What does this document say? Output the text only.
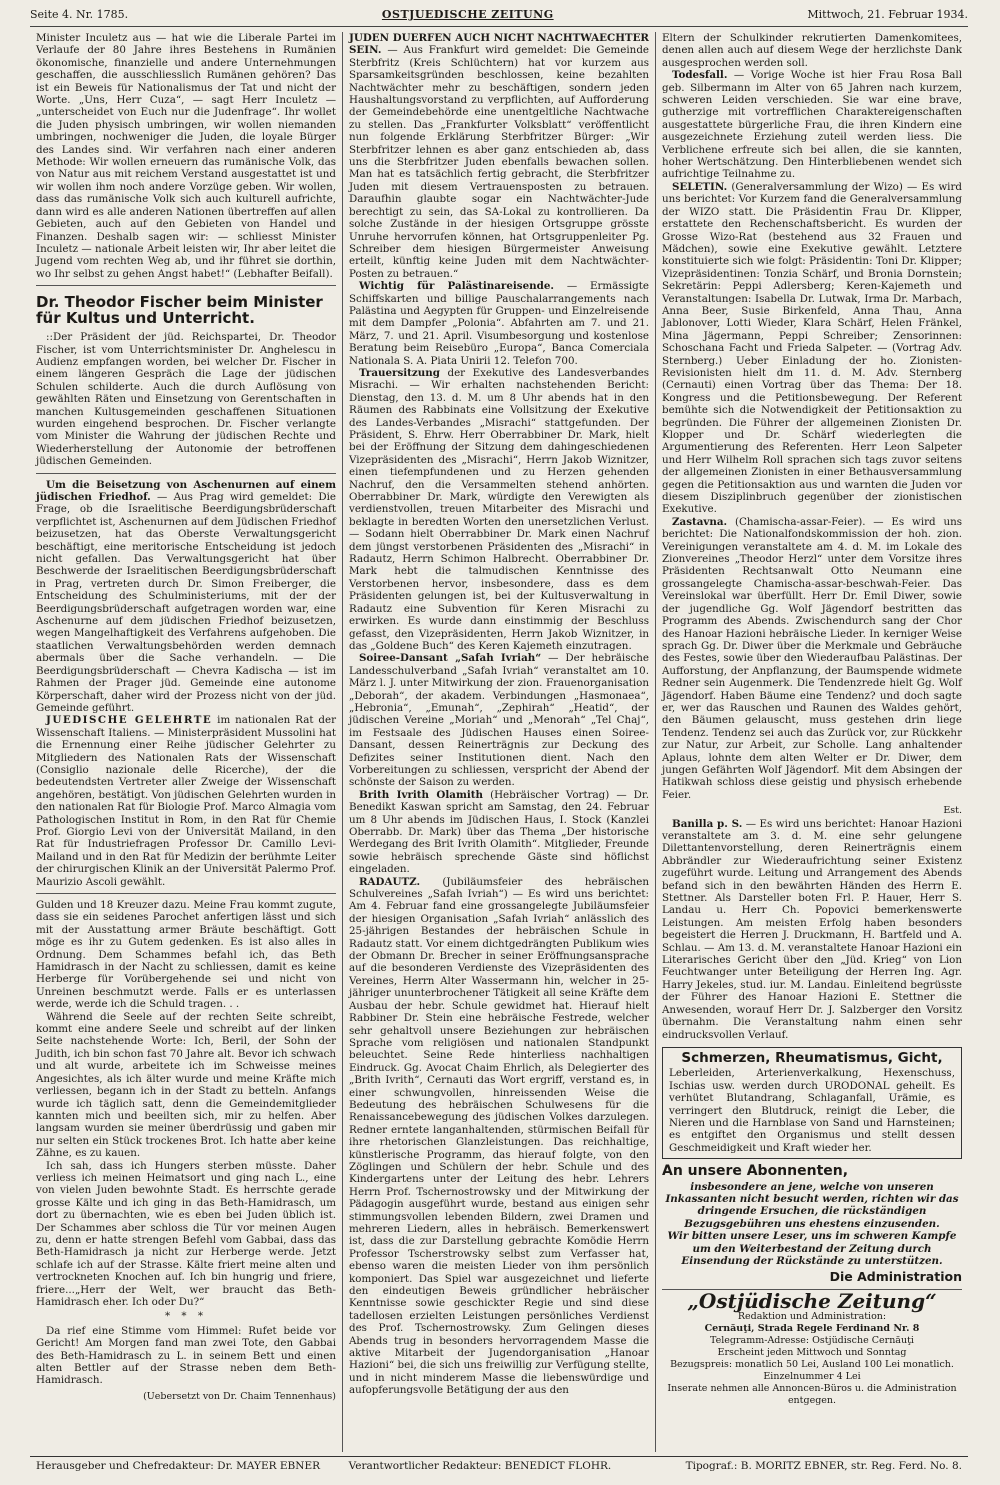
Seite 4. Nr. 1785.	OSTJUEDISCHE ZEITUNG	Mittwoch, 21. Februar 1934.

Minister Inculetz aus — hat wie die Liberale Partei im Verlaufe der 80 Jahre ihres Bestehens in Rumänien ökonomische, finanzielle und andere Unternehmungen geschaffen, die ausschliesslich Rumänen gehören? Das ist ein Beweis für Nationalismus der Tat und nicht der Worte. „Uns, Herr Cuza“, — sagt Herr Inculetz — „unterscheidet von Euch nur die Judenfrage“. Ihr wollet die Juden physisch umbringen, wir wollen niemanden umbringen, nochweniger die Juden, die loyale Bürger des Landes sind. Wir verfahren nach einer anderen Methode: Wir wollen erneuern das rumänische Volk, das von Natur aus mit reichem Verstand ausgestattet ist und wir wollen ihm noch andere Vorzüge geben. Wir wollen, dass das rumänische Volk sich auch kulturell aufrichte, dann wird es alle anderen Nationen übertreffen auf allen Gebieten, auch auf den Gebieten von Handel und Finanzen. Deshalb sagen wir: — schliesst Minister Inculetz — nationale Arbeit leisten wir, Ihr aber leitet die Jugend vom rechten Weg ab, und ihr führet sie dorthin, wo Ihr selbst zu gehen Angst habet!“ (Lebhafter Beifall).

Dr. Theodor Fischer beim Minister für Kultus und Unterricht.

::Der Präsident der jüd. Reichspartei, Dr. Theodor Fischer, ist vom Unterrichtsminister Dr. Anghelescu in Audienz empfangen worden, bei welcher Dr. Fischer in einem längeren Gespräch die Lage der jüdischen Schulen schilderte. Auch die durch Auflösung von gewählten Räten und Einsetzung von Gerentschaften in manchen Kultusgemeinden geschaffenen Situationen wurden eingehend besprochen. Dr. Fischer verlangte vom Minister die Wahrung der jüdischen Rechte und Wiederherstellung der Autonomie der betroffenen jüdischen Gemeinden.

Um die Beisetzung von Aschenurnen auf einem jüdischen Friedhof. — Aus Prag wird gemeldet: Die Frage, ob die Israelitische Beerdigungsbrüderschaft verpflichtet ist, Aschenurnen auf dem Jüdischen Friedhof beizusetzen, hat das Oberste Verwaltungsgericht beschäftigt, eine meritorische Entscheidung ist jedoch nicht gefallen. Das Verwaltungsgericht hat über Beschwerde der Israelitischen Beerdigungsbrüderschaft in Prag, vertreten durch Dr. Simon Freiberger, die Entscheidung des Schulministeriums, mit der der Beerdigungsbrüderschaft aufgetragen worden war, eine Aschenurne auf dem jüdischen Friedhof beizusetzen, wegen Mangelhaftigkeit des Verfahrens aufgehoben. Die staatlichen Verwaltungsbehörden werden demnach abermals über die Sache verhandeln. — Die Beerdigungsbrüderschaft — Chevra Kadischa — ist im Rahmen der Prager jüd. Gemeinde eine autonome Körperschaft, daher wird der Prozess nicht von der jüd. Gemeinde geführt.

JUEDISCHE GELEHRTE im nationalen Rat der Wissenschaft Italiens. — Ministerpräsident Mussolini hat die Ernennung einer Reihe jüdischer Gelehrter zu Mitgliedern des Nationalen Rats der Wissenschaft (Consiglio nazionale delle Ricerche), der die bedeutendsten Vertreter aller Zweige der Wissenschaft angehören, bestätigt. Von jüdischen Gelehrten wurden in den nationalen Rat für Biologie Prof. Marco Almagia vom Pathologischen Institut in Rom, in den Rat für Chemie Prof. Giorgio Levi von der Universität Mailand, in den Rat für Industriefragen Professor Dr. Camillo Levi-Mailand und in den Rat für Medizin der berühmte Leiter der chirurgischen Klinik an der Universität Palermo Prof. Maurizio Ascoli gewählt.

Gulden und 18 Kreuzer dazu. Meine Frau kommt zugute, dass sie ein seidenes Parochet anfertigen lässt und sich mit der Ausstattung armer Bräute beschäftigt. Gott möge es ihr zu Gutem gedenken. Es ist also alles in Ordnung. Dem Schammes befahl ich, das Beth Hamidrasch in der Nacht zu schliessen, damit es keine Herberge für Vorübergehende sei und nicht von Unreinen beschmutzt werde. Falls er es unterlassen werde, werde ich die Schuld tragen. . .

Während die Seele auf der rechten Seite schreibt, kommt eine andere Seele und schreibt auf der linken Seite nachstehende Worte: Ich, Beril, der Sohn der Judith, ich bin schon fast 70 Jahre alt. Bevor ich schwach und alt wurde, arbeitete ich im Schweisse meines Angesichtes, als ich älter wurde und meine Kräfte mich verliessen, begann ich in der Stadt zu betteln. Anfangs wurde ich täglich satt, denn die Gemeindemitglieder kannten mich und beeilten sich, mir zu helfen. Aber langsam wurden sie meiner überdrüssig und gaben mir nur selten ein Stück trockenes Brot. Ich hatte aber keine Zähne, es zu kauen.

Ich sah, dass ich Hungers sterben müsste. Daher verliess ich meinen Heimatsort und ging nach L., eine von vielen Juden bewohnte Stadt. Es herrschte gerade grosse Kälte und ich ging in das Beth-Hamidrasch, um dort zu übernachten, wie es eben bei Juden üblich ist. Der Schammes aber schloss die Tür vor meinen Augen zu, denn er hatte strengen Befehl vom Gabbai, dass das Beth-Hamidrasch ja nicht zur Herberge werde. Jetzt schlafe ich auf der Strasse. Kälte friert meine alten und vertrockneten Knochen auf. Ich bin hungrig und friere, friere...„Herr der Welt, wer braucht das Beth-Hamidrasch eher. Ich oder Du?“

* * *

Da rief eine Stimme vom Himmel: Rufet beide vor Gericht! Am Morgen fand man zwei Tote, den Gabbai des Beth-Hamidrasch zu L. in seinem Bett und einen alten Bettler auf der Strasse neben dem Beth-Hamidrasch.

(Uebersetzt von Dr. Chaim Tennenhaus)

JUDEN DUERFEN AUCH NICHT NACHTWAECHTER SEIN. — Aus Frankfurt wird gemeldet: Die Gemeinde Sterbfritz (Kreis Schlüchtern) hat vor kurzem aus Sparsamkeitsgründen beschlossen, keine bezahlten Nachtwächter mehr zu beschäftigen, sondern jeden Haushaltungsvorstand zu verpflichten, auf Aufforderung der Gemeindebehörde eine unentgeltliche Nachtwache zu stellen. Das „Frankfurter Volksblatt“ veröffentlicht nun folgende Erklärung Sterbfritzer Bürger: „Wir Sterbfritzer lehnen es aber ganz entschieden ab, dass uns die Sterbfritzer Juden ebenfalls bewachen sollen. Man hat es tatsächlich fertig gebracht, die Sterbfritzer Juden mit diesem Vertrauensposten zu betrauen. Daraufhin glaubte sogar ein Nachtwächter-Jude berechtigt zu sein, das SA-Lokal zu kontrollieren. Da solche Zustände in der hiesigen Ortsgruppe grösste Unruhe hervorrufen können, hat Ortsgruppenleiter Pg. Schreiber dem hiesigen Bürgermeister Anweisung erteilt, künftig keine Juden mit dem Nachtwächter-Posten zu betrauen.“

Wichtig für Palästinareisende. — Ermässigte Schiffskarten und billige Pauschalarrangements nach Palästina und Aegypten für Gruppen- und Einzelreisende mit dem Dampfer „Polonia“. Abfahrten am 7. und 21. März, 7. und 21. April. Visumbesorgung und kostenlose Beratung beim Reisebüro „Europa“, Banca Comerciala Nationala S. A. Piata Unirii 12. Telefon 700.

Trauersitzung der Exekutive des Landesverbandes Misrachi. — Wir erhalten nachstehenden Bericht: Dienstag, den 13. d. M. um 8 Uhr abends hat in den Räumen des Rabbinats eine Vollsitzung der Exekutive des Landes-Verbandes „Misrachi“ stattgefunden. Der Präsident, S. Ehrw. Herr Oberrabbiner Dr. Mark, hielt bei der Eröffnung der Sitzung dem dahingeschiedenen Vizepräsidenten des „Misrachi“, Herrn Jakob Wiznitzer, einen tiefempfundenen und zu Herzen gehenden Nachruf, den die Versammelten stehend anhörten. Oberrabbiner Dr. Mark, würdigte den Verewigten als verdienstvollen, treuen Mitarbeiter des Misrachi und beklagte in beredten Worten den unersetzlichen Verlust. — Sodann hielt Oberrabbiner Dr. Mark einen Nachruf dem jüngst verstorbenen Präsidenten des „Misrachi“ in Radautz, Herrn Schimon Halbrecht. Oberrabbiner Dr. Mark hebt die talmudischen Kenntnisse des Verstorbenen hervor, insbesondere, dass es dem Präsidenten gelungen ist, bei der Kultusverwaltung in Radautz eine Subvention für Keren Misrachi zu erwirken. Es wurde dann einstimmig der Beschluss gefasst, den Vizepräsidenten, Herrn Jakob Wiznitzer, in das „Goldene Buch“ des Keren Kajemeth einzutragen.

Soiree-Dansant „Safah Ivriah“ — Der hebräische Landesschulverband „Safah Ivriah“ veranstaltet am 10. März l. J. unter Mitwirkung der zion. Frauenorganisation „Deborah“, der akadem. Verbindungen „Hasmonaea“, „Hebronia“, „Emunah“, „Zephirah“ „Heatid“, der jüdischen Vereine „Moriah“ und „Menorah“ „Tel Chaj“, im Festsaale des Jüdischen Hauses einen Soiree-Dansant, dessen Reinerträgnis zur Deckung des Defizites seiner Institutionen dient. Nach den Vorbereitungen zu schliessen, verspricht der Abend der schönste der Saison zu werden.

Brith Ivrith Olamith (Hebräischer Vortrag) — Dr. Benedikt Kaswan spricht am Samstag, den 24. Februar um 8 Uhr abends im Jüdischen Haus, I. Stock (Kanzlei Oberrabb. Dr. Mark) über das Thema „Der historische Werdegang des Brit Ivrith Olamith“. Mitglieder, Freunde sowie hebräisch sprechende Gäste sind höflichst eingeladen.

RADAUTZ. (Jubiläumsfeier des hebräischen Schulvereines „Safah Ivriah“) — Es wird uns berichtet: Am 4. Februar fand eine grossangelegte Jubiläumsfeier der hiesigen Organisation „Safah Ivriah“ anlässlich des 25-jährigen Bestandes der hebräischen Schule in Radautz statt. Vor einem dichtgedrängten Publikum wies der Obmann Dr. Brecher in seiner Eröffnungsansprache auf die besonderen Verdienste des Vizepräsidenten des Vereines, Herrn Alter Wassermann hin, welcher in 25-jähriger ununterbrochener Tätigkeit all seine Kräfte dem Ausbau der hebr. Schule gewidmet hat. Hierauf hielt Rabbiner Dr. Stein eine hebräische Festrede, welcher sehr gehaltvoll unsere Beziehungen zur hebräischen Sprache vom religiösen und nationalen Standpunkt beleuchtet. Seine Rede hinterliess nachhaltigen Eindruck. Gg. Avocat Chaim Ehrlich, als Delegierter des „Brith Ivrith“, Cernauti das Wort ergriff, verstand es, in einer schwungvollen, hinreissenden Weise die Bedeutung des hebräischen Schulwesens für die Renaissancebewegung des jüdischen Volkes darzulegen. Redner erntete langanhaltenden, stürmischen Beifall für ihre rhetorischen Glanzleistungen. Das reichhaltige, künstlerische Programm, das hierauf folgte, von den Zöglingen und Schülern der hebr. Schule und des Kindergartens unter der Leitung des hebr. Lehrers Herrn Prof. Tschernostrowsky und der Mitwirkung der Pädagogin ausgeführt wurde, bestand aus einigen sehr stimmungsvollen lebenden Bildern, zwei Dramen und mehreren Liedern, alles in hebräisch. Bemerkenswert ist, dass die zur Darstellung gebrachte Komödie Herrn Professor Tscherstrowsky selbst zum Verfasser hat, ebenso waren die meisten Lieder von ihm persönlich komponiert. Das Spiel war ausgezeichnet und lieferte den eindeutigen Beweis gründlicher hebräischer Kenntnisse sowie geschickter Regie und sind diese tadellosen erzielten Leistungen persönliches Verdienst des Prof. Tschernostrowsky. Zum Gelingen dieses Abends trug in besonders hervorragendem Masse die aktive Mitarbeit der Jugendorganisation „Hanoar Hazioni“ bei, die sich uns freiwillig zur Verfügung stellte, und in nicht minderem Masse die liebenswürdige und aufopferungsvolle Betätigung der aus den

Eltern der Schulkinder rekrutierten Damenkomitees, denen allen auch auf diesem Wege der herzlichste Dank ausgesprochen werden soll.

Todesfall. — Vorige Woche ist hier Frau Rosa Ball geb. Silbermann im Alter von 65 Jahren nach kurzem, schweren Leiden verschieden. Sie war eine brave, gutherzige mit vortrefflichen Charaktereigenschaften ausgestattete bürgerliche Frau, die ihren Kindern eine ausgezeichnete Erziehung zuteil werden liess. Die Verblichene erfreute sich bei allen, die sie kannten, hoher Wertschätzung. Den Hinterbliebenen wendet sich aufrichtige Teilnahme zu.

SELETIN. (Generalversammlung der Wizo) — Es wird uns berichtet: Vor Kurzem fand die Generalversammlung der WIZO statt. Die Präsidentin Frau Dr. Klipper, erstattete den Rechenschaftsbericht. Es wurden der Grosse Wizo-Rat (bestehend aus 32 Frauen und Mädchen), sowie eine Exekutive gewählt. Letztere konstituierte sich wie folgt: Präsidentin: Toni Dr. Klipper; Vizepräsidentinen: Tonzia Schärf, und Bronia Dornstein; Sekretärin: Peppi Adlersberg; Keren-Kajemeth und Veranstaltungen: Isabella Dr. Lutwak, Irma Dr. Marbach, Anna Beer, Susie Birkenfeld, Anna Thau, Anna Jablonover, Lotti Wieder, Klara Schärf, Helen Fränkel, Mina Jägermann, Peppi Schreiber; Zensorinnen: Schoschana Facht und Frieda Salpeter. — (Vortrag Adv. Sternberg.) Ueber Einladung der ho. Zionisten-Revisionisten hielt dm 11. d. M. Adv. Sternberg (Cernauti) einen Vortrag über das Thema: Der 18. Kongress und die Petitionsbewegung. Der Referent bemühte sich die Notwendigkeit der Petitionsaktion zu begründen. Die Führer der allgemeinen Zionisten Dr. Klopper und Dr. Schärf wiederlegten die Argumentierung des Referenten. Herr Leon Salpeter und Herr Wilhelm Roll sprachen sich tags zuvor seitens der allgemeinen Zionisten in einer Bethausversammlung gegen die Petitionsaktion aus und warnten die Juden vor diesem Disziplinbruch gegenüber der zionistischen Exekutive.

Zastavna. (Chamischa-assar-Feier). — Es wird uns berichtet: Die Nationalfondskommission der hoh. zion. Vereinigungen veranstaltete am 4. d. M. im Lokale des Zionvereines „Theodor Herzl“ unter dem Vorsitze ihres Präsidenten Rechtsanwalt Otto Neumann eine grossangelegte Chamischa-assar-beschwah-Feier. Das Vereinslokal war überfüllt. Herr Dr. Emil Diwer, sowie der jugendliche Gg. Wolf Jägendorf bestritten das Programm des Abends. Zwischendurch sang der Chor des Hanoar Hazioni hebräische Lieder. In kerniger Weise sprach Gg. Dr. Diwer über die Merkmale und Gebräuche des Festes, sowie über den Wiederaufbau Palästinas. Der Aufforstung, der Anpflanzung, der Baumspende widmete Redner sein Augenmerk. Die Tendenzrede hielt Gg. Wolf Jägendorf. Haben Bäume eine Tendenz? und doch sagte er, wer das Rauschen und Raunen des Waldes gehört, den Bäumen gelauscht, muss gestehen drin liege Tendenz. Tendenz sei auch das Zurück vor, zur Rückkehr zur Natur, zur Arbeit, zur Scholle. Lang anhaltender Aplaus, lohnte dem alten Welter er Dr. Diwer, dem jungen Gefährten Wolf Jägendorf. Mit dem Absingen der Hatikwah schloss diese geistig und physisch erhebende Feier.

Est.

Banilla p. S. — Es wird uns berichtet: Hanoar Hazioni veranstaltete am 3. d. M. eine sehr gelungene Dilettantenvorstellung, deren Reinerträgnis einem Abbrändler zur Wiederaufrichtung seiner Existenz zugeführt wurde. Leitung und Arrangement des Abends befand sich in den bewährten Händen des Herrn E. Stettner. Als Darsteller boten Frl. P. Hauer, Herr S. Landau u. Herr Ch. Popovici bemerkenswerte Leistungen. Am meisten Erfolg haben besonders begeistert die Herren J. Druckmann, H. Bartfeld und A. Schlau. — Am 13. d. M. veranstaltete Hanoar Hazioni ein Literarisches Gericht über den „Jüd. Krieg“ von Lion Feuchtwanger unter Beteiligung der Herren Ing. Agr. Harry Jekeles, stud. iur. M. Landau. Einleitend begrüsste der Führer des Hanoar Hazioni E. Stettner die Anwesenden, worauf Herr Dr. J. Salzberger den Vorsitz übernahm. Die Veranstaltung nahm einen sehr eindrucksvollen Verlauf.

Schmerzen, Rheumatismus, Gicht,
Leberleiden, Arterienverkalkung, Hexenschuss, Ischias usw. werden durch URODONAL geheilt. Es verhütet Blutandrang, Schlaganfall, Urämie, es verringert den Blutdruck, reinigt die Leber, die Nieren und die Harnblase von Sand und Harnsteinen; es entgiftet den Organismus und stellt dessen Geschmeidigkeit und Kraft wieder her.
An unsere Abonnenten,
insbesondere an jene, welche von unseren Inkassanten nicht besucht werden, richten wir das dringende Ersuchen, die rückständigen Bezugsgebühren uns ehestens einzusenden.
Wir bitten unsere Leser, uns im schweren Kampfe um den Weiterbestand der Zeitung durch Einsendung der Rückstände zu unterstützen.
Die Administration
„Ostjüdische Zeitung“
Redaktion und Administration:
Cernăuţi, Strada Regele Ferdinand Nr. 8
Telegramm-Adresse: Ostjüdische Cernăuţi
Erscheint jeden Mittwoch und Sonntag
Bezugspreis: monatlich 50 Lei, Ausland 100 Lei monatlich. Einzelnummer 4 Lei
Inserate nehmen alle Annoncen-Büros u. die Administration entgegen.
Herausgeber und Chefredakteur: Dr. MAYER EBNER	Verantwortlicher Redakteur: BENEDICT FLOHR.	Tipograf.: B. MORITZ EBNER, str. Reg. Ferd. No. 8.
